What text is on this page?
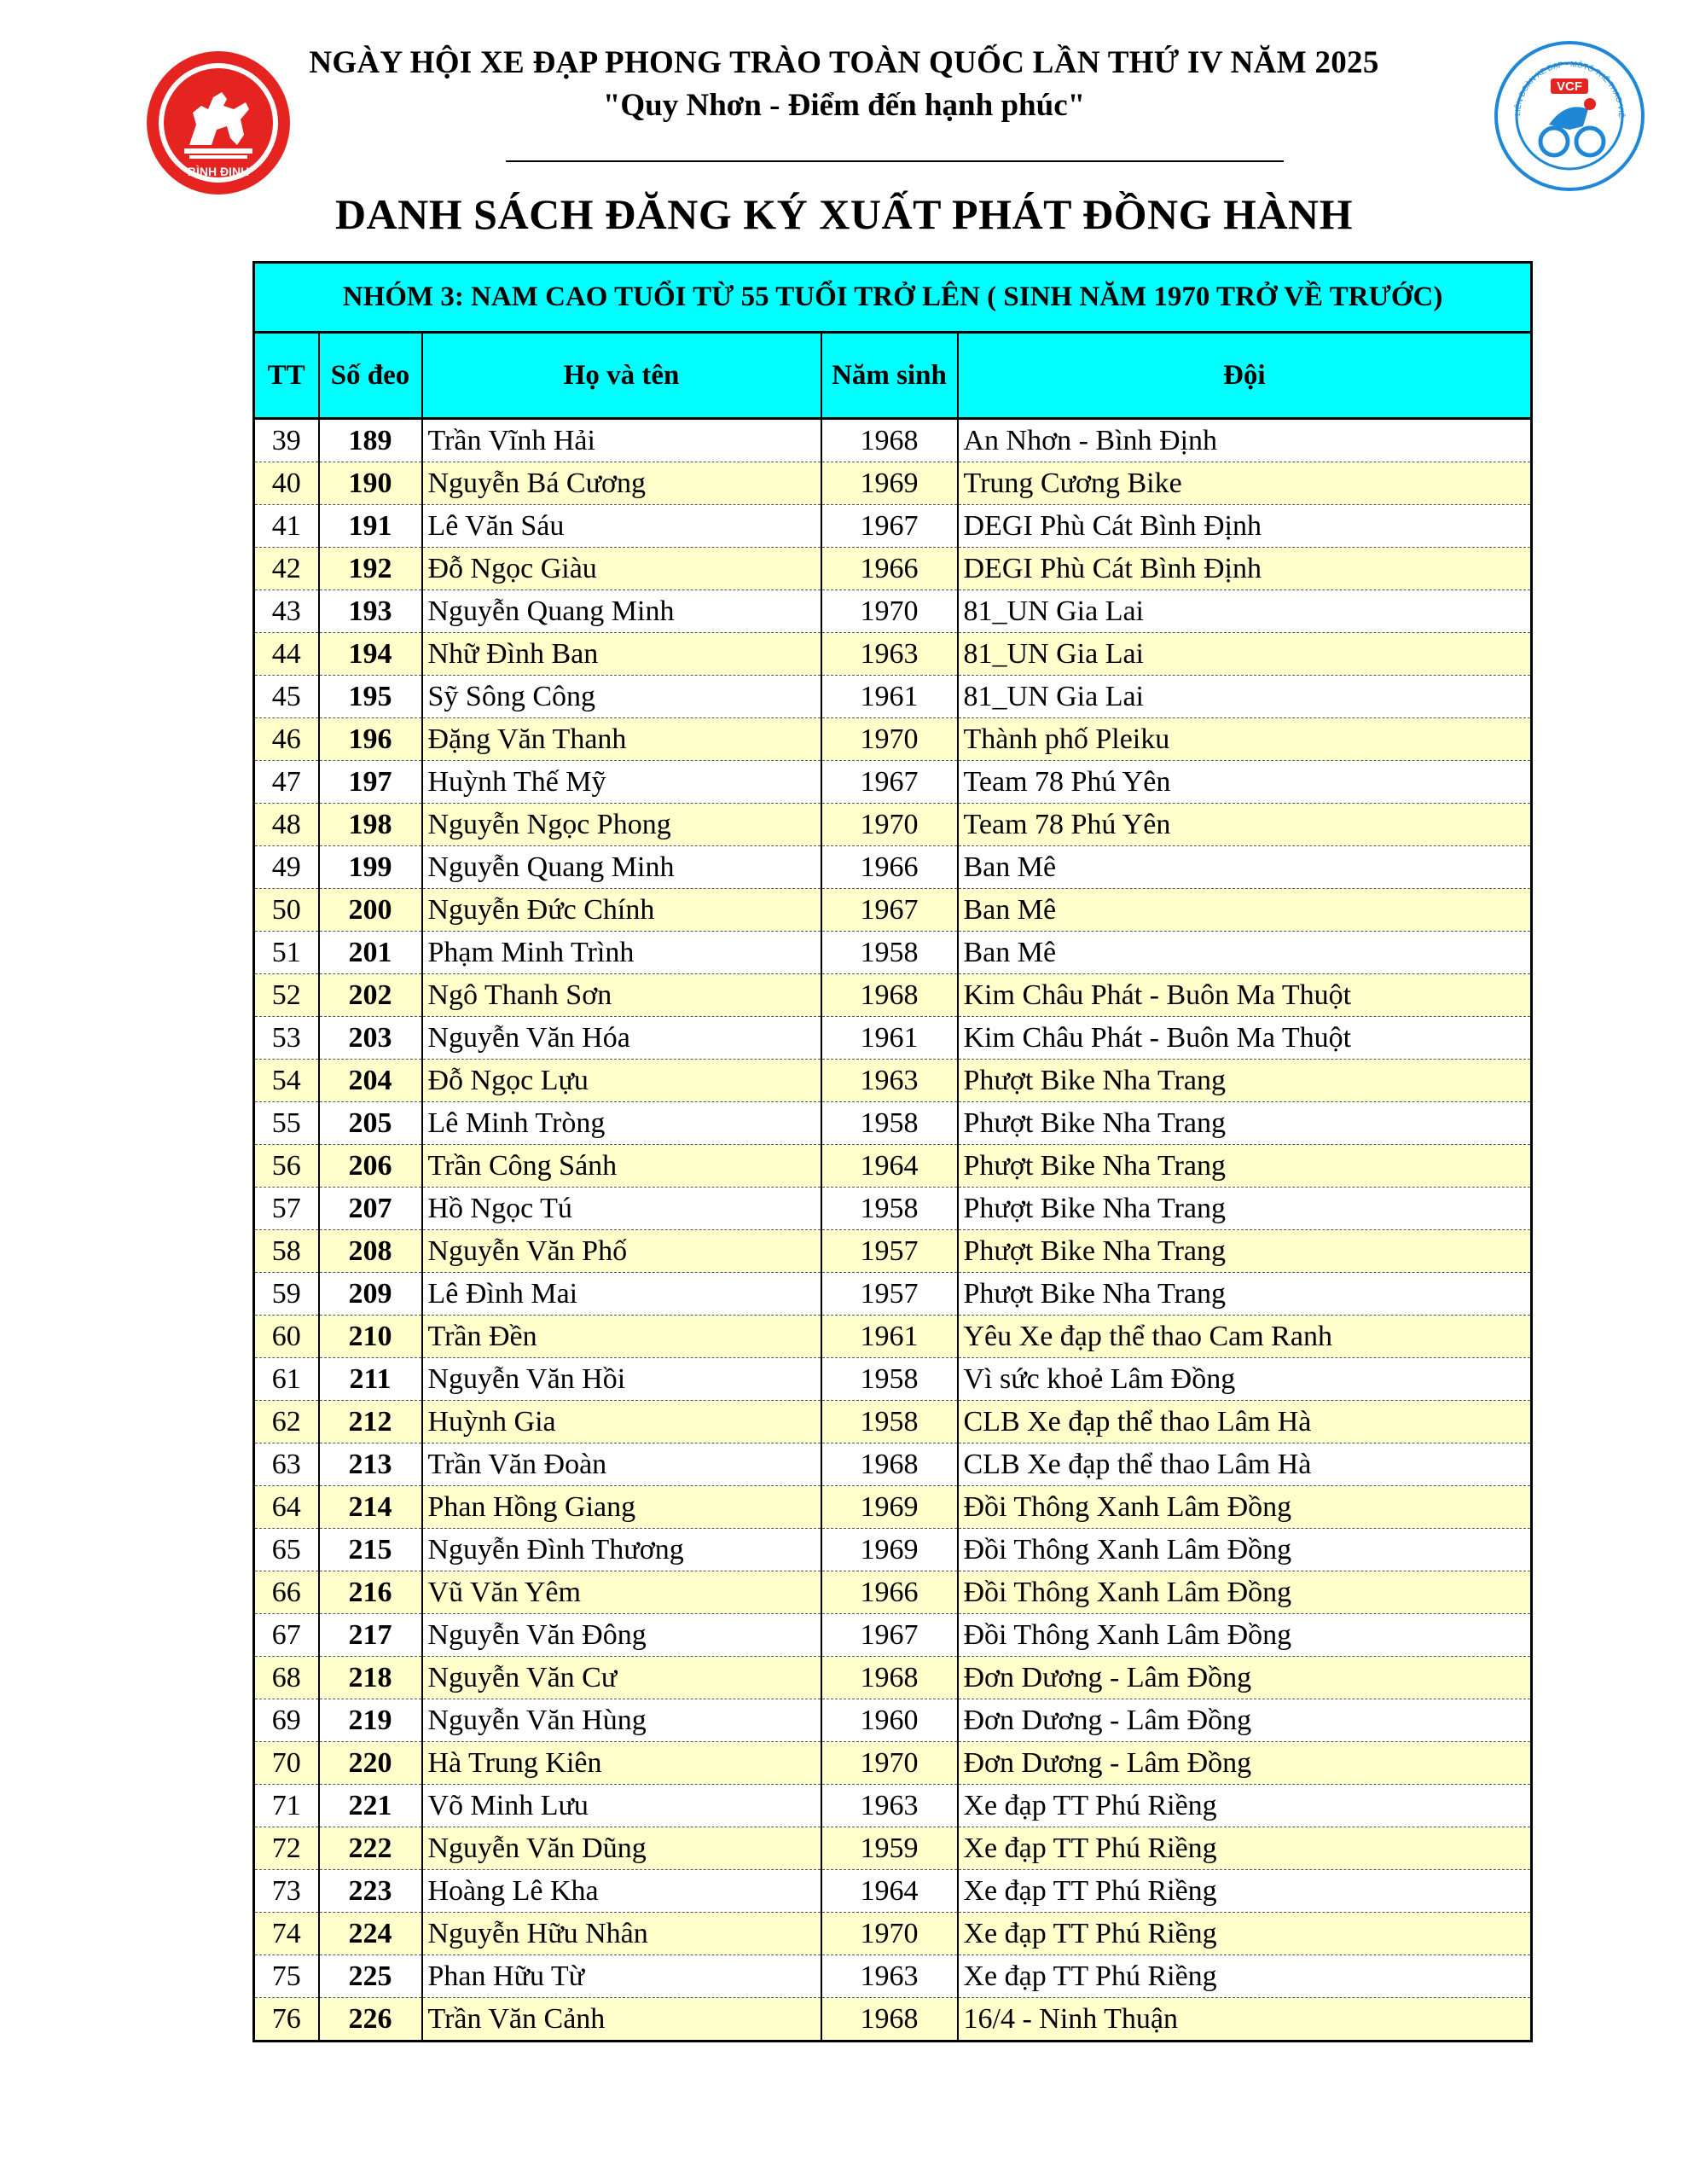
BÌNH ĐỊNH
LIÊN ĐOÀN XE ĐẠP - MÔTÔ THỂ THAO VIỆ
VCF
NGÀY HỘI XE ĐẠP PHONG TRÀO TOÀN QUỐC LẦN THỨ IV NĂM 2025
"Quy Nhơn - Điểm đến hạnh phúc"
DANH SÁCH ĐĂNG KÝ XUẤT PHÁT ĐỒNG HÀNH
NHÓM 3: NAM CAO TUỔI TỪ 55 TUỔI TRỞ LÊN ( SINH NĂM 1970 TRỞ VỀ TRƯỚC)				
TT	Số đeo	Họ và tên	Năm sinh	Đội
39	189	Trần Vĩnh Hải	1968	An Nhơn - Bình Định
40	190	Nguyễn Bá Cương	1969	Trung Cương Bike
41	191	Lê Văn Sáu	1967	DEGI Phù Cát Bình Định
42	192	Đỗ Ngọc Giàu	1966	DEGI Phù Cát Bình Định
43	193	Nguyễn Quang Minh	1970	81_UN Gia Lai
44	194	Nhữ Đình Ban	1963	81_UN Gia Lai
45	195	Sỹ Sông Công	1961	81_UN Gia Lai
46	196	Đặng Văn Thanh	1970	Thành phố Pleiku
47	197	Huỳnh Thế Mỹ	1967	Team 78 Phú Yên
48	198	Nguyễn Ngọc Phong	1970	Team 78 Phú Yên
49	199	Nguyễn Quang Minh	1966	Ban Mê
50	200	Nguyễn Đức Chính	1967	Ban Mê
51	201	Phạm Minh Trình	1958	Ban Mê
52	202	Ngô Thanh Sơn	1968	Kim Châu Phát - Buôn Ma Thuột
53	203	Nguyễn Văn Hóa	1961	Kim Châu Phát - Buôn Ma Thuột
54	204	Đỗ Ngọc Lựu	1963	Phượt Bike Nha Trang
55	205	Lê Minh Tròng	1958	Phượt Bike Nha Trang
56	206	Trần Công Sánh	1964	Phượt Bike Nha Trang
57	207	Hồ Ngọc Tú	1958	Phượt Bike Nha Trang
58	208	Nguyễn Văn Phố	1957	Phượt Bike Nha Trang
59	209	Lê Đình Mai	1957	Phượt Bike Nha Trang
60	210	Trần Đền	1961	Yêu Xe đạp thể thao Cam Ranh
61	211	Nguyễn Văn Hồi	1958	Vì sức khoẻ Lâm Đồng
62	212	Huỳnh Gia	1958	CLB Xe đạp thể thao Lâm Hà
63	213	Trần Văn Đoàn	1968	CLB Xe đạp thể thao Lâm Hà
64	214	Phan Hồng Giang	1969	Đồi Thông Xanh Lâm Đồng
65	215	Nguyễn Đình Thương	1969	Đồi Thông Xanh Lâm Đồng
66	216	Vũ Văn Yêm	1966	Đồi Thông Xanh Lâm Đồng
67	217	Nguyễn Văn Đông	1967	Đồi Thông Xanh Lâm Đồng
68	218	Nguyễn Văn Cư	1968	Đơn Dương - Lâm Đồng
69	219	Nguyễn Văn Hùng	1960	Đơn Dương - Lâm Đồng
70	220	Hà Trung Kiên	1970	Đơn Dương - Lâm Đồng
71	221	Võ Minh Lưu	1963	Xe đạp TT Phú Riềng
72	222	Nguyễn Văn Dũng	1959	Xe đạp TT Phú Riềng
73	223	Hoàng Lê Kha	1964	Xe đạp TT Phú Riềng
74	224	Nguyễn Hữu Nhân	1970	Xe đạp TT Phú Riềng
75	225	Phan Hữu Từ	1963	Xe đạp TT Phú Riềng
76	226	Trần Văn Cảnh	1968	16/4 - Ninh Thuận
